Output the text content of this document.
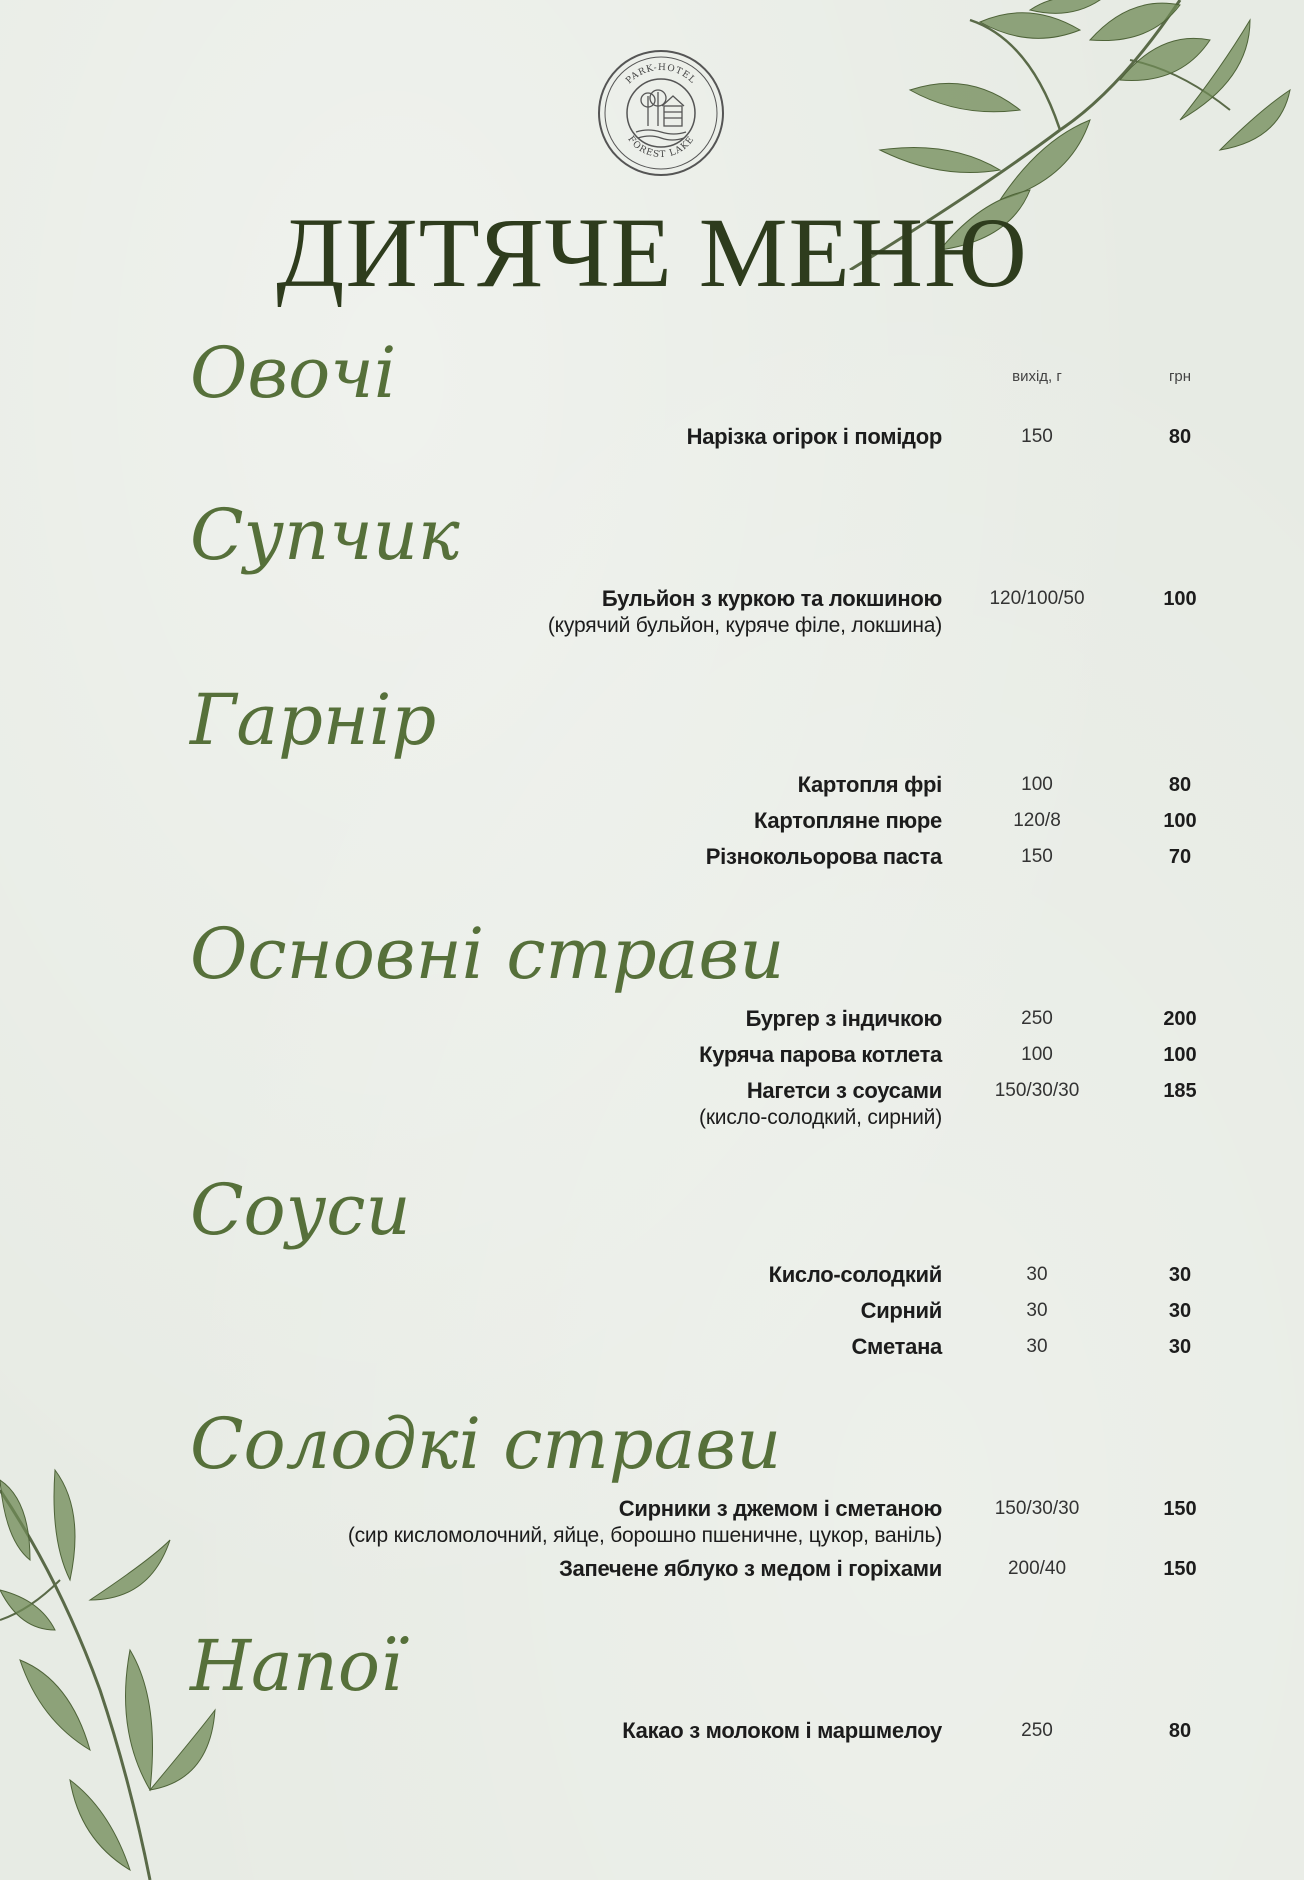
PARK-HOTEL
FOREST LAKE
ДИТЯЧЕ МЕНЮ
вихід, г	грн
Овочі
Нарізка огірок і помідор	150	80
Супчик
Бульйон з куркою та локшиною	120/100/50	100
(курячий бульйон, куряче філе, локшина)
Гарнір
Картопля фрі	100	80
Картопляне пюре	120/8	100
Різнокольорова паста	150	70
Основні страви
Бургер з індичкою	250	200
Куряча парова котлета	100	100
Нагетси з соусами	150/30/30	185
(кисло-солодкий, сирний)
Соуси
Кисло-солодкий	30	30
Сирний	30	30
Сметана	30	30
Солодкі страви
Сирники з джемом і сметаною	150/30/30	150
(сир кисломолочний, яйце, борошно пшеничне, цукор, ваніль)
Запечене яблуко з медом і горіхами	200/40	150
Напої
Какао з молоком і маршмелоу	250	80
